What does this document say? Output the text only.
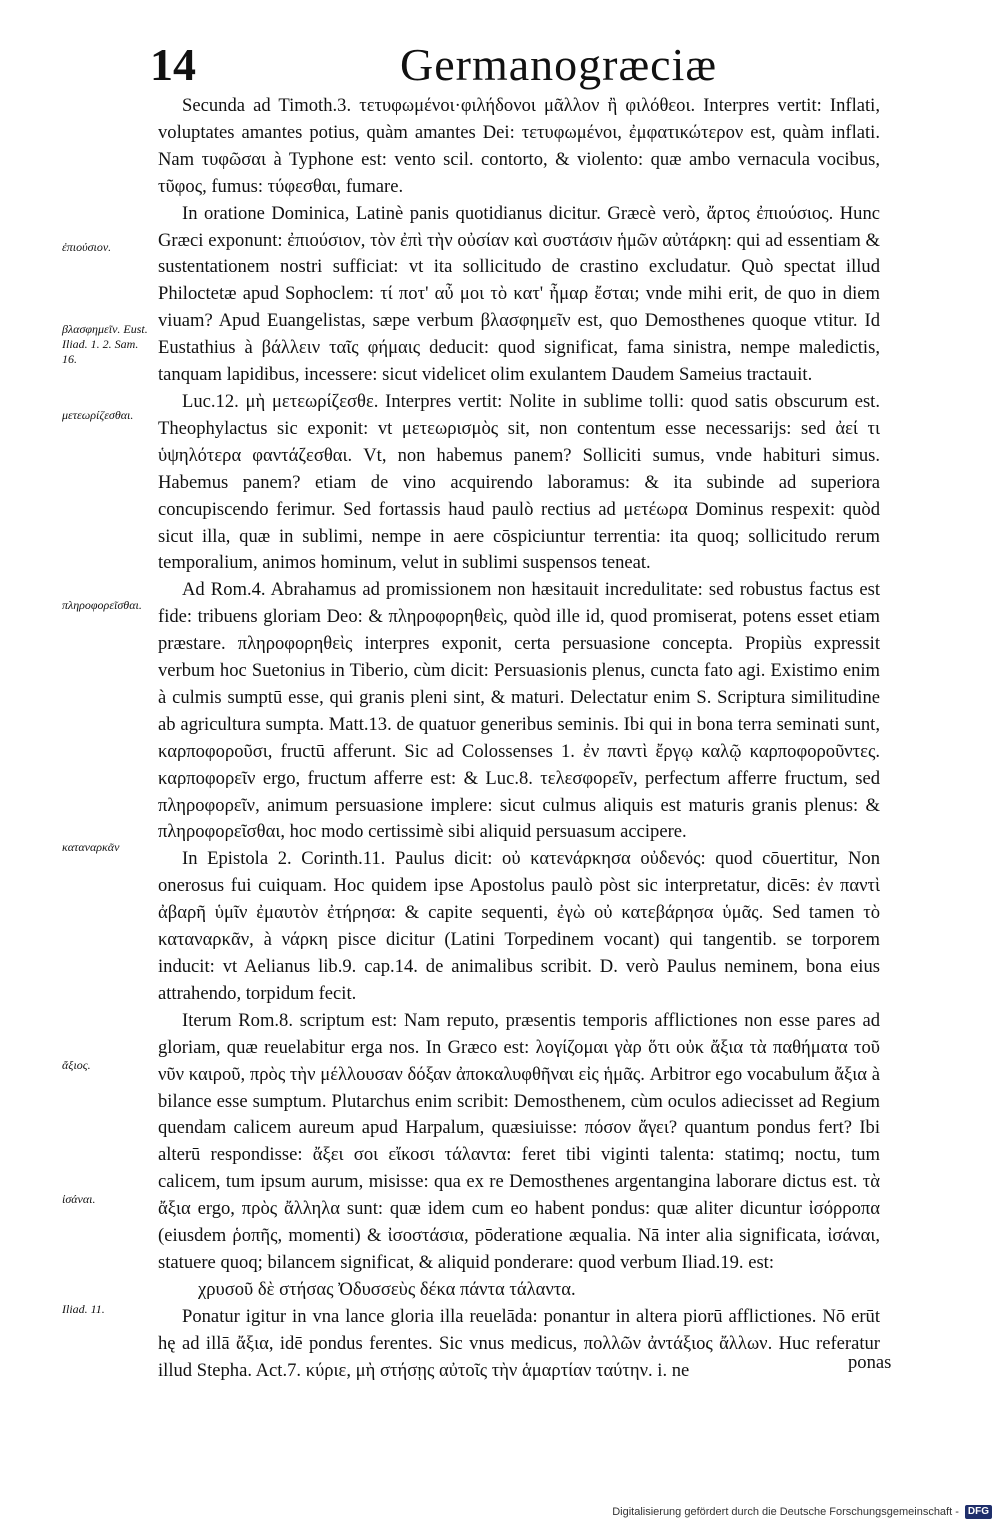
14	Germanogræciæ
ἐπιούσιον.
βλασφημεῖν. Eust. Iliad. 1. 2. Sam. 16.
μετεωρίζεσθαι.
πληροφορεῖσθαι.
καταναρκᾶν
ἄξιος.
ἰσάναι.
Iliad. 11.

Secunda ad Timoth.3. τετυφωμένοι·φιλήδονοι μᾶλλον ἢ φιλόθεοι. Interpres vertit: Inflati, voluptates amantes potius, quàm amantes Dei: τετυφωμένοι, ἐμφατικώτερον est, quàm inflati. Nam τυφῶσαι à Typhone est: vento scil. contorto, & violento: quæ ambo vernacula vocibus, τῦφος, fumus: τύφεσθαι, fumare.

In oratione Dominica, Latinè panis quotidianus dicitur. Græcè verò, ἄρτος ἐπιούσιος. Hunc Græci exponunt: ἐπιούσιον, τὸν ἐπὶ τὴν οὐσίαν καὶ συστάσιν ἡμῶν αὐτάρκη: qui ad essentiam & sustentationem nostri sufficiat: vt ita sollicitudo de crastino excludatur. Quò spectat illud Philoctetæ apud Sophoclem: τί ποτ' αὖ μοι τὸ κατ' ἦμαρ ἔσται; vnde mihi erit, de quo in diem viuam? Apud Euangelistas, sæpe verbum βλασφημεῖν est, quo Demosthenes quoque vtitur. Id Eustathius à βάλλειν ταῖς φήμαις deducit: quod significat, fama sinistra, nempe maledictis, tanquam lapidibus, incessere: sicut videlicet olim exulantem Daudem Sameius tractauit.

Luc.12. μὴ μετεωρίζεσθε. Interpres vertit: Nolite in sublime tolli: quod satis obscurum est. Theophylactus sic exponit: vt μετεωρισμὸς sit, non contentum esse necessarijs: sed ἀεί τι ὑψηλότερα φαντάζεσθαι. Vt, non habemus panem? Solliciti sumus, vnde habituri simus. Habemus panem? etiam de vino acquirendo laboramus: & ita subinde ad superiora concupiscendo ferimur. Sed fortassis haud paulò rectius ad μετέωρα Dominus respexit: quòd sicut illa, quæ in sublimi, nempe in aere cōspiciuntur terrentia: ita quoq; sollicitudo rerum temporalium, animos hominum, velut in sublimi suspensos teneat.

Ad Rom.4. Abrahamus ad promissionem non hæsitauit incredulitate: sed robustus factus est fide: tribuens gloriam Deo: & πληροφορηθεὶς, quòd ille id, quod promiserat, potens esset etiam præstare. πληροφορηθεὶς interpres exponit, certa persuasione concepta. Propiùs expressit verbum hoc Suetonius in Tiberio, cùm dicit: Persuasionis plenus, cuncta fato agi. Existimo enim à culmis sumptū esse, qui granis pleni sint, & maturi. Delectatur enim S. Scriptura similitudine ab agricultura sumpta. Matt.13. de quatuor generibus seminis. Ibi qui in bona terra seminati sunt, καρποφοροῦσι, fructū afferunt. Sic ad Colossenses 1. ἐν παντὶ ἔργῳ καλῷ καρποφοροῦντες. καρποφορεῖν ergo, fructum afferre est: & Luc.8. τελεσφορεῖν, perfectum afferre fructum, sed πληροφορεῖν, animum persuasione implere: sicut culmus aliquis est maturis granis plenus: & πληροφορεῖσθαι, hoc modo certissimè sibi aliquid persuasum accipere.

In Epistola 2. Corinth.11. Paulus dicit: οὐ κατενάρκησα οὐδενός: quod cōuertitur, Non onerosus fui cuiquam. Hoc quidem ipse Apostolus paulò pòst sic interpretatur, dicēs: ἐν παντὶ ἀβαρῆ ὑμῖν ἐμαυτὸν ἐτήρησα: & capite sequenti, ἐγὼ οὐ κατεβάρησα ὑμᾶς. Sed tamen τὸ καταναρκᾶν, à νάρκη pisce dicitur (Latini Torpedinem vocant) qui tangentib. se torporem inducit: vt Aelianus lib.9. cap.14. de animalibus scribit. D. verò Paulus neminem, bona eius attrahendo, torpidum fecit.

Iterum Rom.8. scriptum est: Nam reputo, præsentis temporis afflictiones non esse pares ad gloriam, quæ reuelabitur erga nos. In Græco est: λογίζομαι γὰρ ὅτι οὐκ ἄξια τὰ παθήματα τοῦ νῦν καιροῦ, πρὸς τὴν μέλλουσαν δόξαν ἀποκαλυφθῆναι εἰς ἡμᾶς. Arbitror ego vocabulum ἄξια à bilance esse sumptum. Plutarchus enim scribit: Demosthenem, cùm oculos adiecisset ad Regium quendam calicem aureum apud Harpalum, quæsiuisse: πόσον ἄγει? quantum pondus fert? Ibi alterū respondisse: ἄξει σοι εἴκοσι τάλαντα: feret tibi viginti talenta: statimq; noctu, tum calicem, tum ipsum aurum, misisse: qua ex re Demosthenes argentangina laborare dictus est. τὰ ἄξια ergo, πρὸς ἄλληλα sunt: quæ idem cum eo habent pondus: quæ aliter dicuntur ἰσόρροπα (eiusdem ῥοπῆς, momenti) & ἰσοστάσια, pōderatione æqualia. Nā inter alia significata, ἰσάναι, statuere quoq; bilancem significat, & aliquid ponderare: quod verbum Iliad.19. est:

χρυσοῦ δὲ στήσας Ὀδυσσεὺς δέκα πάντα τάλαντα.

Ponatur igitur in vna lance gloria illa reuelāda: ponantur in altera piorū afflictiones. Nō erūt hę ad illā ἄξια, idē pondus ferentes. Sic vnus medicus, πολλῶν ἀντάξιος ἄλλων. Huc referatur illud Stepha. Act.7. κύριε, μὴ στήσῃς αὐτοῖς τὴν ἁμαρτίαν ταύτην. i. ne	ponas
Digitalisierung gefördert durch die Deutsche Forschungsgemeinschaft - DFG
